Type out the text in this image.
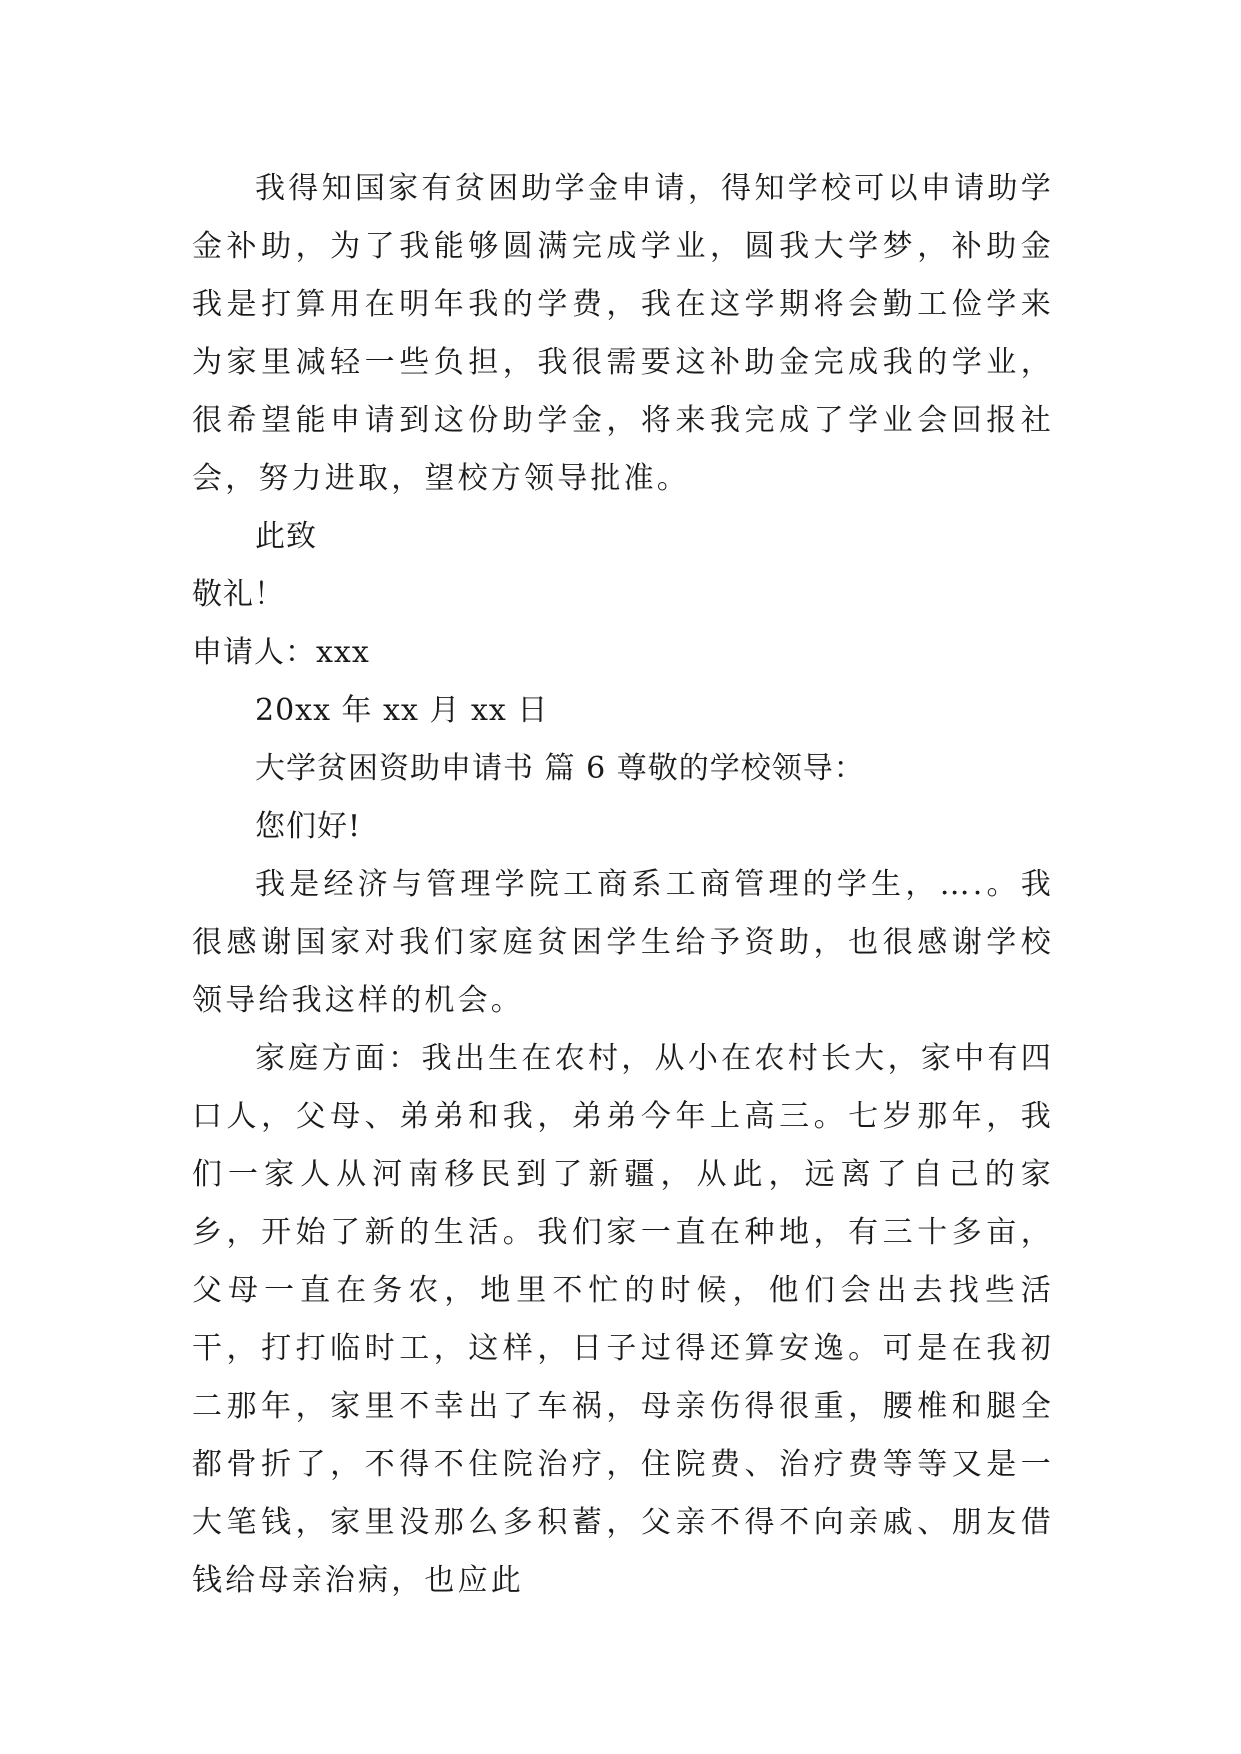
我得知国家有贫困助学金申请，得知学校可以申请助学金补助，为了我能够圆满完成学业，圆我大学梦，补助金我是打算用在明年我的学费，我在这学期将会勤工俭学来为家里减轻一些负担，我很需要这补助金完成我的学业，很希望能申请到这份助学金，将来我完成了学业会回报社会，努力进取，望校方领导批准。

此致

敬礼！

申请人：xxx

20xx 年 xx 月 xx 日

大学贫困资助申请书 篇 6 尊敬的学校领导：

您们好!

我是经济与管理学院工商系工商管理的学生，….。我很感谢国家对我们家庭贫困学生给予资助，也很感谢学校领导给我这样的机会。

家庭方面：我出生在农村，从小在农村长大，家中有四口人，父母、弟弟和我，弟弟今年上高三。七岁那年，我们一家人从河南移民到了新疆，从此，远离了自己的家乡，开始了新的生活。我们家一直在种地，有三十多亩，父母一直在务农，地里不忙的时候，他们会出去找些活干，打打临时工，这样，日子过得还算安逸。可是在我初二那年，家里不幸出了车祸，母亲伤得很重，腰椎和腿全都骨折了，不得不住院治疗，住院费、治疗费等等又是一大笔钱，家里没那么多积蓄，父亲不得不向亲戚、朋友借钱给母亲治病，也应此
